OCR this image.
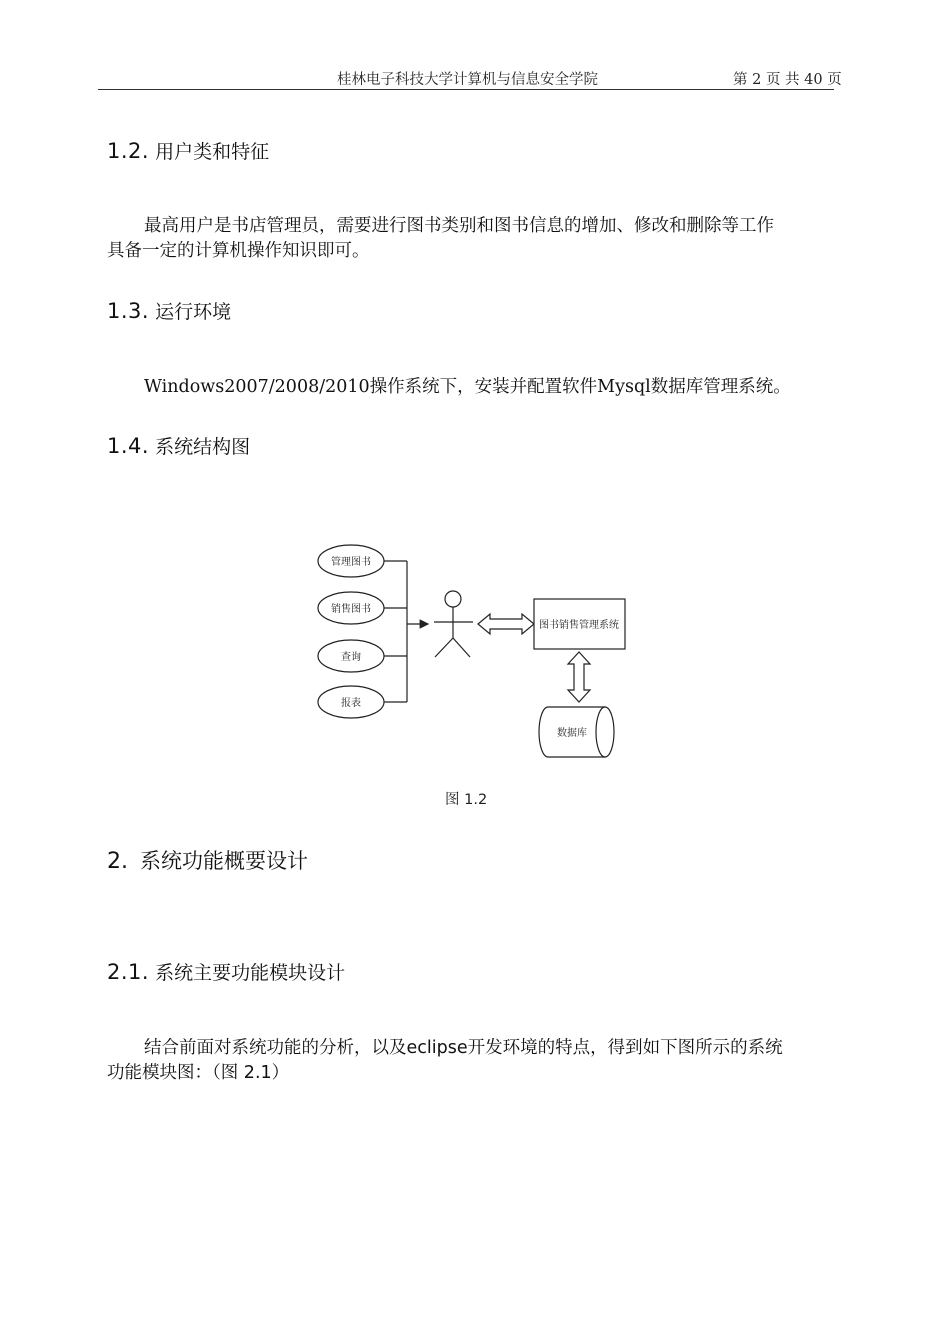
桂林电子科技大学计算机与信息安全学院	第 2 页 共 40 页
1.2. 用户类和特征
最高用户是书店管理员，需要进行图书类别和图书信息的增加、修改和删除等工作
具备一定的计算机操作知识即可。
1.3. 运行环境
Windows2007/2008/2010操作系统下，安装并配置软件Mysql数据库管理系统。
1.4. 系统结构图
管理图书
销售图书
查询
报表
图书销售管理系统
数据库
图 1.2
2. 系统功能概要设计
2.1. 系统主要功能模块设计
结合前面对系统功能的分析，以及eclipse开发环境的特点，得到如下图所示的系统
功能模块图：（图 2.1）
